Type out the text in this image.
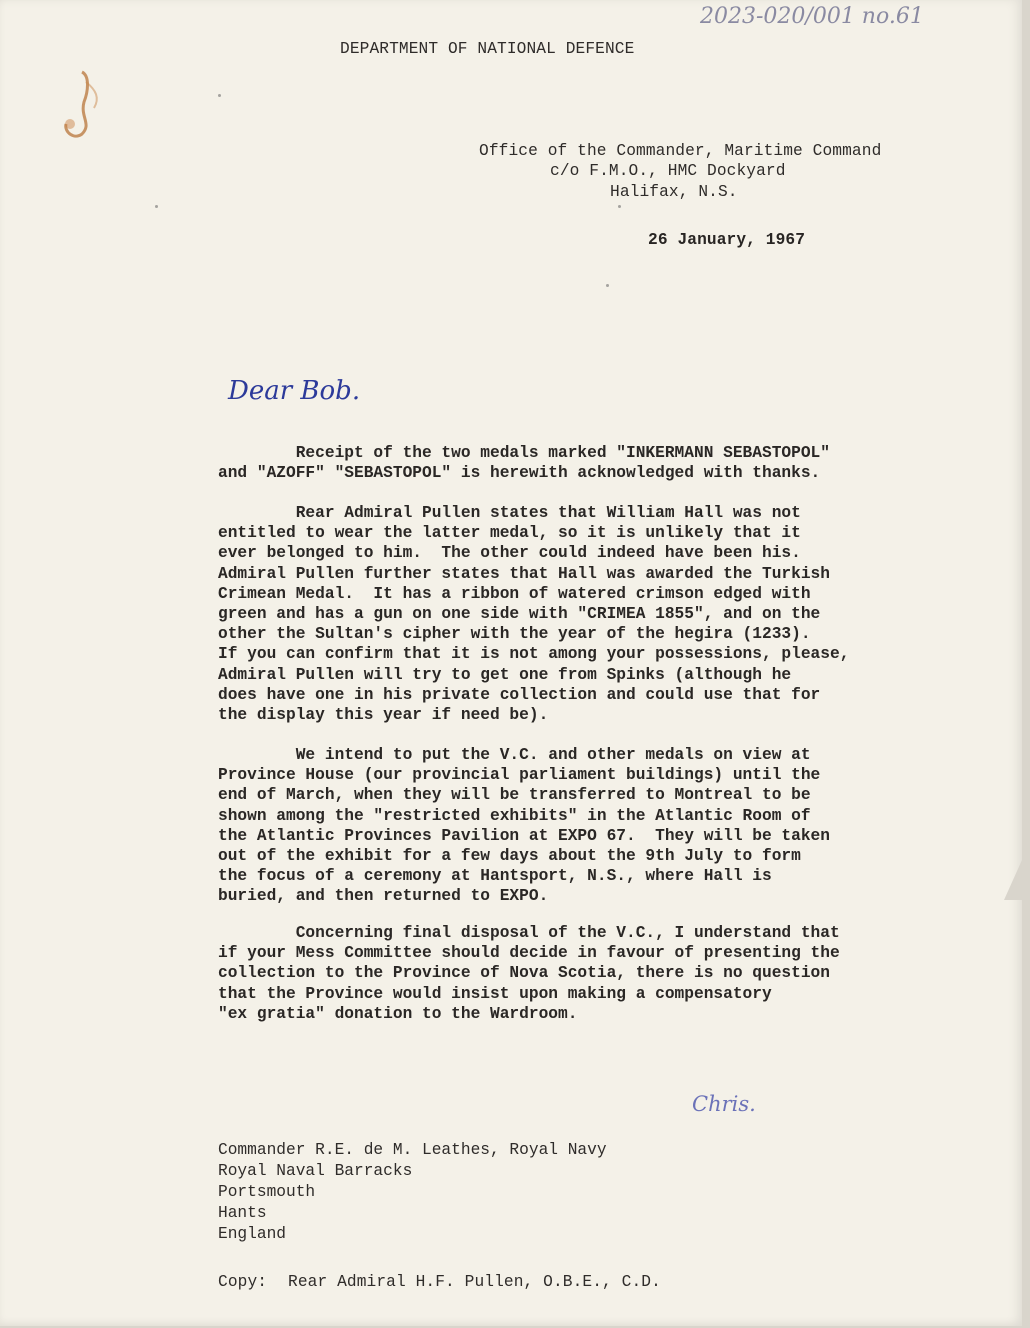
2023-020/001 no.61
DEPARTMENT OF NATIONAL DEFENCE
Office of the Commander, Maritime Command
c/o F.M.O., HMC Dockyard
Halifax, N.S.
26 January, 1967
Dear Bob.
Receipt of the two medals marked "INKERMANN SEBASTOPOL"
and "AZOFF" "SEBASTOPOL" is herewith acknowledged with thanks.
Rear Admiral Pullen states that William Hall was not
entitled to wear the latter medal, so it is unlikely that it
ever belonged to him.  The other could indeed have been his.
Admiral Pullen further states that Hall was awarded the Turkish
Crimean Medal.  It has a ribbon of watered crimson edged with
green and has a gun on one side with "CRIMEA 1855", and on the
other the Sultan's cipher with the year of the hegira (1233).
If you can confirm that it is not among your possessions, please,
Admiral Pullen will try to get one from Spinks (although he
does have one in his private collection and could use that for
the display this year if need be).
We intend to put the V.C. and other medals on view at
Province House (our provincial parliament buildings) until the
end of March, when they will be transferred to Montreal to be
shown among the "restricted exhibits" in the Atlantic Room of
the Atlantic Provinces Pavilion at EXPO 67.  They will be taken
out of the exhibit for a few days about the 9th July to form
the focus of a ceremony at Hantsport, N.S., where Hall is
buried, and then returned to EXPO.
Concerning final disposal of the V.C., I understand that
if your Mess Committee should decide in favour of presenting the
collection to the Province of Nova Scotia, there is no question
that the Province would insist upon making a compensatory
"ex gratia" donation to the Wardroom.
Chris.
Commander R.E. de M. Leathes, Royal Navy
Royal Naval Barracks
Portsmouth
Hants
England
Copy: Rear Admiral H.F. Pullen, O.B.E., C.D.
